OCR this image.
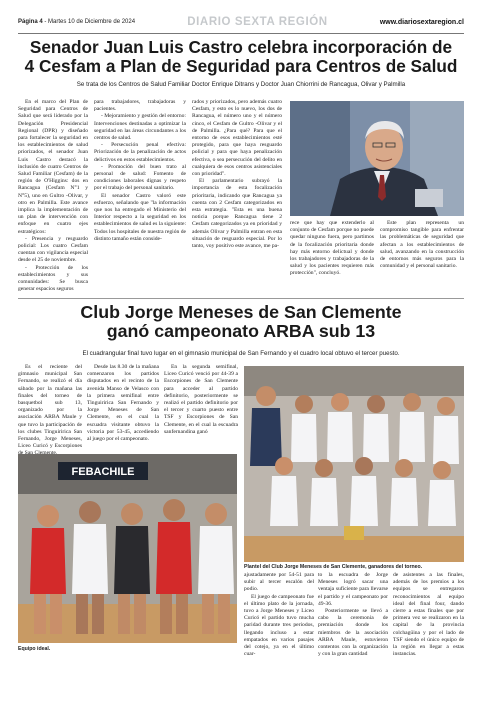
Página 4 - Martes 10 de Diciembre de 2024	DIARIO SEXTA REGIÓN	www.diariosextaregion.cl
Senador Juan Luis Castro celebra incorporación de
4 Cesfam a Plan de Seguridad para Centros de Salud
Se trata de los Centros de Salud Familiar Doctor Enrique Ditrans y Doctor Juan Chiorrini de Rancagua, Olivar y Palmilla

En el marco del Plan de Seguridad para Centros de Salud que será liderado por la Delegación Presidencial Regional (DPR) y diseñado para fortalecer la seguridad en los establecimientos de salud priorizados, el senador Juan Luis Castro destacó la inclusión de cuatro Centros de Salud Familiar (Cesfam) de la región de O'Higgins: dos en Rancagua (Cesfam N°1 y N°5), uno en Gultro -Olivar, y otro en Palmilla. Este avance implica la implementación de un plan de intervención con enfoque en cuatro ejes estratégicos:

- Presencia y resguardo policial: Los cuatro Cesfam cuentan con vigilancia especial desde el 25 de noviembre.

- Protección de los establecimientos y sus comunidades: Se busca generar espacios seguros

para trabajadores, trabajadoras y pacientes.

- Mejoramiento y gestión del entorno: Intervenciones destinadas a optimizar la seguridad en las áreas circundantes a los centros de salud.

- Persecución penal efectiva: Priorización de la penalización de actos delictivos en estos establecimientos.

- Promoción del buen trato al personal de salud: Fomento de condiciones laborales dignas y respeto por el trabajo del personal sanitario.

El senador Castro valoró este esfuerzo, señalando que "la información que nos ha entregado el Ministerio del Interior respecto a la seguridad en los establecimientos de salud es la siguiente: Todos los hospitales de nuestra región de distinto tamaño están conside-

rados y priorizados, pero además cuatro Cesfam, y esto es lo nuevo, los dos de Rancagua, el número uno y el número cinco, el Cesfam de Gultro -Olivar y el de Palmilla. ¿Para qué? Para que el entorno de esos establecimientos esté protegido, para que haya resguardo policial y para que haya penalización efectiva, o sea persecución del delito en cualquiera de esos centros asistenciales con prioridad".

El parlamentario subrayó la importancia de esta focalización prioritaria, indicando que Rancagua ya cuenta con 2 Cesfam categorizados en esta estrategia. "Esta es una buena noticia porque Rancagua tiene 2 Cesfam categorizados ya en prioridad y además Olivar y Palmilla entran en esta situación de resguardo especial. Por lo tanto, voy positivo este avance, me pa-

rece que hay que extenderlo al conjunto de Cesfam porque no puede quedar ninguno fuera, pero partimos de la focalización prioritaria donde hay más entorno delictual y donde los trabajadores y trabajadoras de la salud y los pacientes requieren más protección", concluyó.

Este plan representa un compromiso tangible para enfrentar las problemáticas de seguridad que afectan a los establecimientos de salud, avanzando en la construcción de entornos más seguros para la comunidad y el personal sanitario.

Club Jorge Meneses de San Clemente
ganó campeonato ARBA sub 13
El cuadrangular final tuvo lugar en el gimnasio municipal de San Fernando y el cuadro local obtuvo el tercer puesto.

Es el reciente del gimnasio municipal San Fernando, se realizó el día sábado por la mañana las finales del torneo de basquetbol sub 13, organizado por la asociación ARBA Maule y que tuvo la participación de los clubes Tinguiririca San Fernando, Jorge Meneses, Liceo Curicó y Escorpiones

Desde las 8.30 de la mañana comenzaron los partidos disputados en el recinto de la avenida Manso de Velasco con la primera semifinal entre Tinguiririca San Fernando y Jorge Meneses de San Clemente, en el cual la escuadra visitante obtuvo la victoria por 53-45, accediendo al juego por el campeonato.

En la segunda semifinal, Liceo Curicó venció por 44-39 a Escorpiones de San Clemente para acceder al partido definitorio, posteriormente se realizó el partido definitorio por el tercer y cuarto puesto entre TSF y Escorpiones de San Clemente, en el cual la escuadra sanfernandina ganó

FEBACHILE
Equipo ideal.
Plantel del Club Jorge Meneses de San Clemente, ganadores del torneo.

ajustadamente por 54-51 para subir al tercer escalón del podio.

El juego de campeonato fue el último plato de la jornada, tuvo a Jorge Meneses y Liceo Curicó el partido tuvo mucha paridad durante tres periodos, llegando incluso a estar empatados en varios pasajes del cotejo, ya en el último cuar-

to la escuadra de Jorge Meneses logró sacar una ventaja suficiente para llevarse el partido y el campeonato por 49-36.

Posteriormente se llevó a cabo la ceremonia de premiación donde los miembros de la asociación ARBA Maule, estuvieron contentos con la organización y con la gran cantidad

de asistentes a las finales, además de los premios a los equipos se entregaron reconocimientos al equipo ideal del final four, dando cierre a estas finales que por primera vez se realizaron en la capital de la provincia colchagüina y por el lado de TSF siendo el único equipo de la región en llegar a estas instancias.
